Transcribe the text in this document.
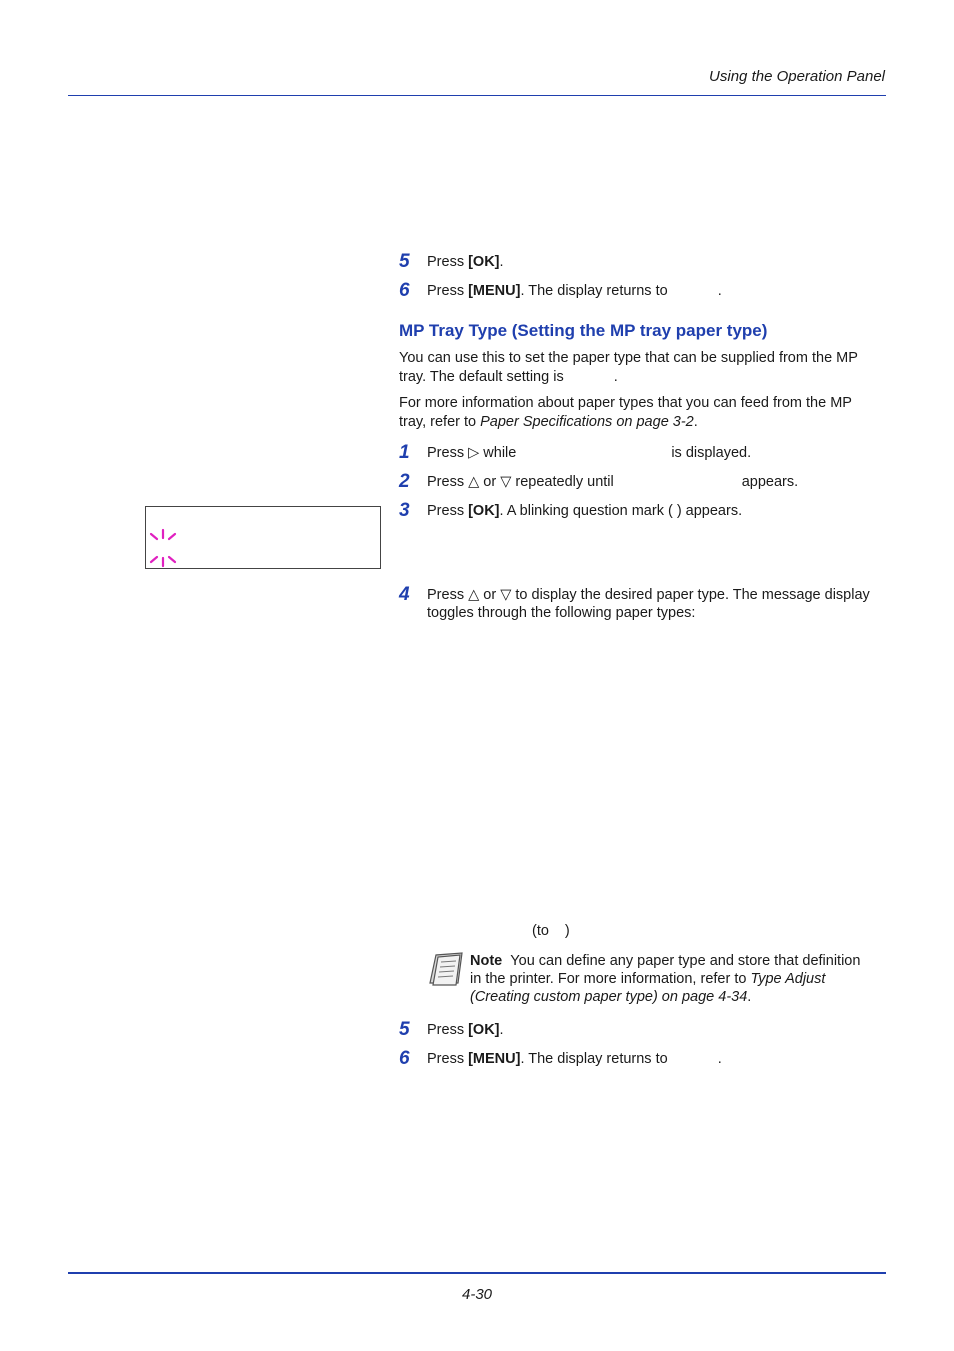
Using the Operation Panel
5 Press [OK].
6 Press [MENU]. The display returns to	.
MP Tray Type (Setting the MP tray paper type)
You can use this to set the paper type that can be supplied from the MP
tray. The default setting is	.
For more information about paper types that you can feed from the MP
tray, refer to Paper Specifications on page 3-2.
1 Press ▷ while	is displayed.
2 Press △ or ▽ repeatedly until	appears.
3 Press [OK]. A blinking question mark ( ) appears.
4 Press △ or ▽ to display the desired paper type. The message display
toggles through the following paper types:
(to )
Note You can define any paper type and store that definition
in the printer. For more information, refer to Type Adjust
(Creating custom paper type) on page 4-34.
5 Press [OK].
6 Press [MENU]. The display returns to	.
4-30
